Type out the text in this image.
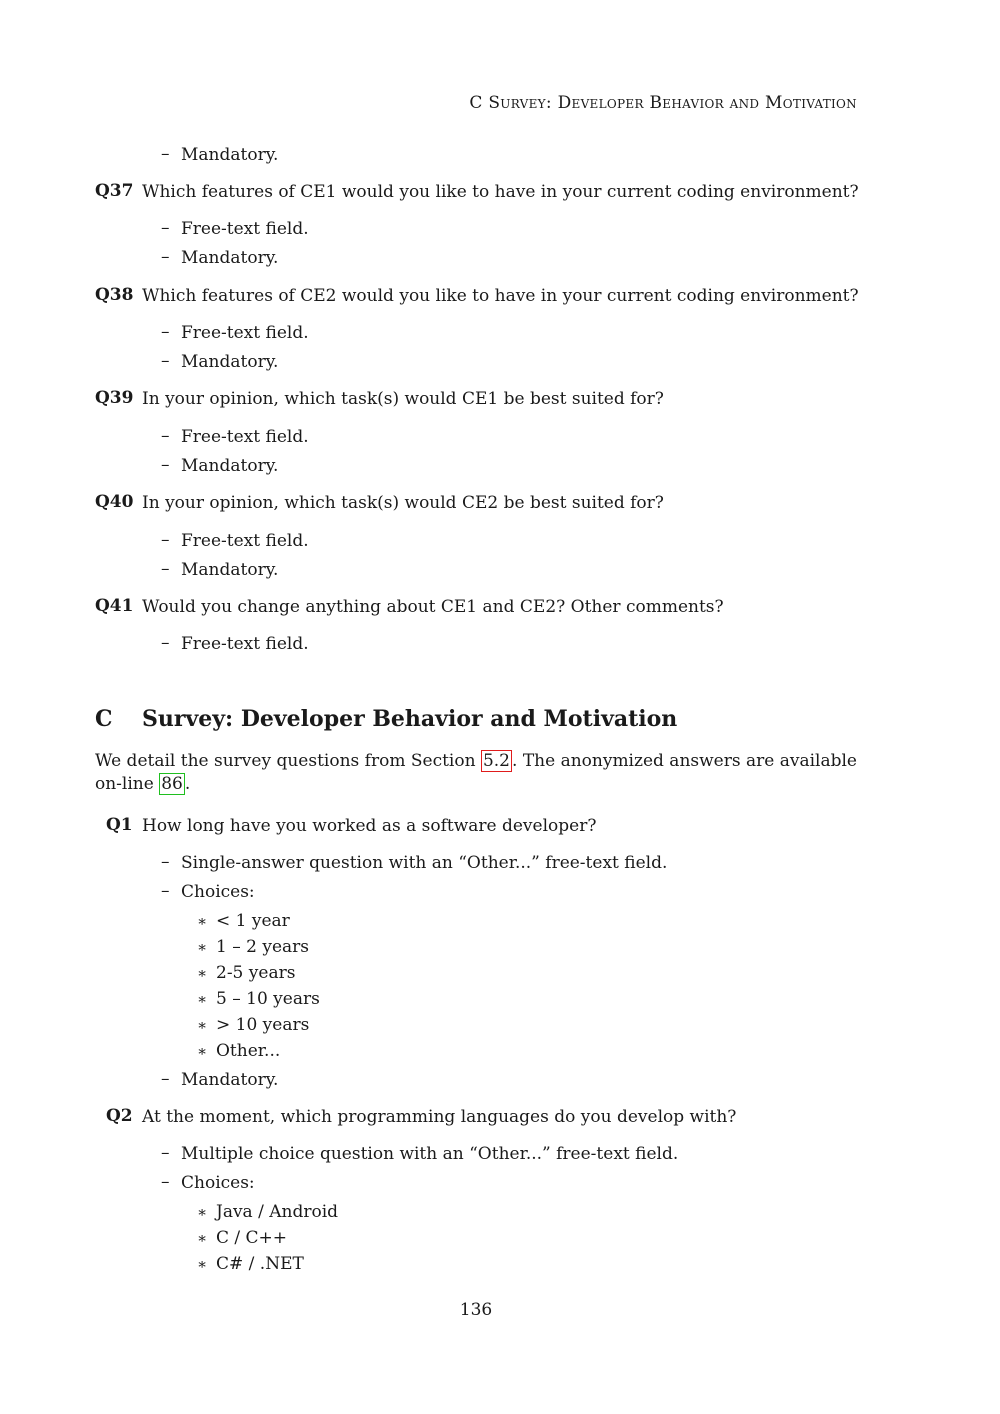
C Survey: Developer Behavior and Motivation
– Mandatory.
Q37 Which features of CE1 would you like to have in your current coding environment?
– Free-text field.
– Mandatory.
Q38 Which features of CE2 would you like to have in your current coding environment?
– Free-text field.
– Mandatory.
Q39 In your opinion, which task(s) would CE1 be best suited for?
– Free-text field.
– Mandatory.
Q40 In your opinion, which task(s) would CE2 be best suited for?
– Free-text field.
– Mandatory.
Q41 Would you change anything about CE1 and CE2? Other comments?
– Free-text field.
C Survey: Developer Behavior and Motivation
We detail the survey questions from Section 5.2 . The anonymized answers are available on-line 86 .
Q1 How long have you worked as a software developer?
– Single-answer question with an “Other...” free-text field.
– Choices:
∗ < 1 year
∗ 1 – 2 years
∗ 2-5 years
∗ 5 – 10 years
∗ > 10 years
∗ Other...
– Mandatory.
Q2 At the moment, which programming languages do you develop with?
– Multiple choice question with an “Other...” free-text field.
– Choices:
∗ Java / Android
∗ C / C++
∗ C# / .NET
136
